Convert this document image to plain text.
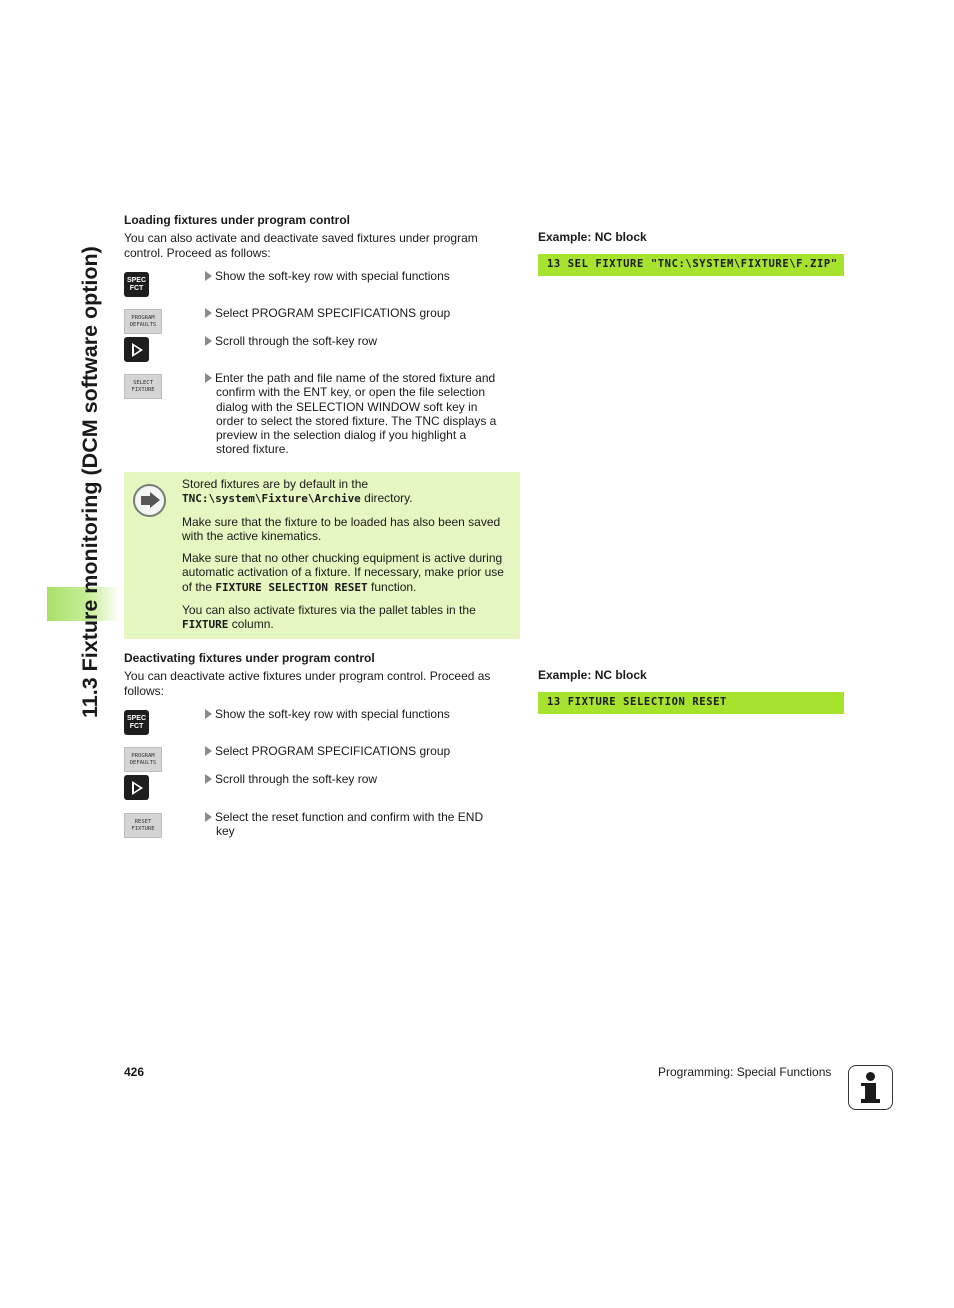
11.3 Fixture monitoring (DCM software option)
Loading fixtures under program control
You can also activate and deactivate saved fixtures under program
control. Proceed as follows:
SPEC
FCT
Show the soft-key row with special functions
PROGRAM
DEFAULTS
Select PROGRAM SPECIFICATIONS group
Scroll through the soft-key row
SELECT
FIXTURE
Enter the path and file name of the stored fixture and
confirm with the ENT key, or open the file selection
dialog with the SELECTION WINDOW soft key in
order to select the stored fixture. The TNC displays a
preview in the selection dialog if you highlight a
stored fixture.

Stored fixtures are by default in the
TNC:\system\Fixture\Archive directory.

Make sure that the fixture to be loaded has also been saved with the active kinematics.

Make sure that no other chucking equipment is active during automatic activation of a fixture. If necessary, make prior use of the FIXTURE SELECTION RESET function.

You can also activate fixtures via the pallet tables in the FIXTURE column.

Deactivating fixtures under program control
You can deactivate active fixtures under program control. Proceed as
follows:
SPEC
FCT
Show the soft-key row with special functions
PROGRAM
DEFAULTS
Select PROGRAM SPECIFICATIONS group
Scroll through the soft-key row
RESET
FIXTURE
Select the reset function and confirm with the END
key
Example: NC block
13 SEL FIXTURE "TNC:\SYSTEM\FIXTURE\F.ZIP"
Example: NC block
13 FIXTURE SELECTION RESET
426	Programming: Special Functions
